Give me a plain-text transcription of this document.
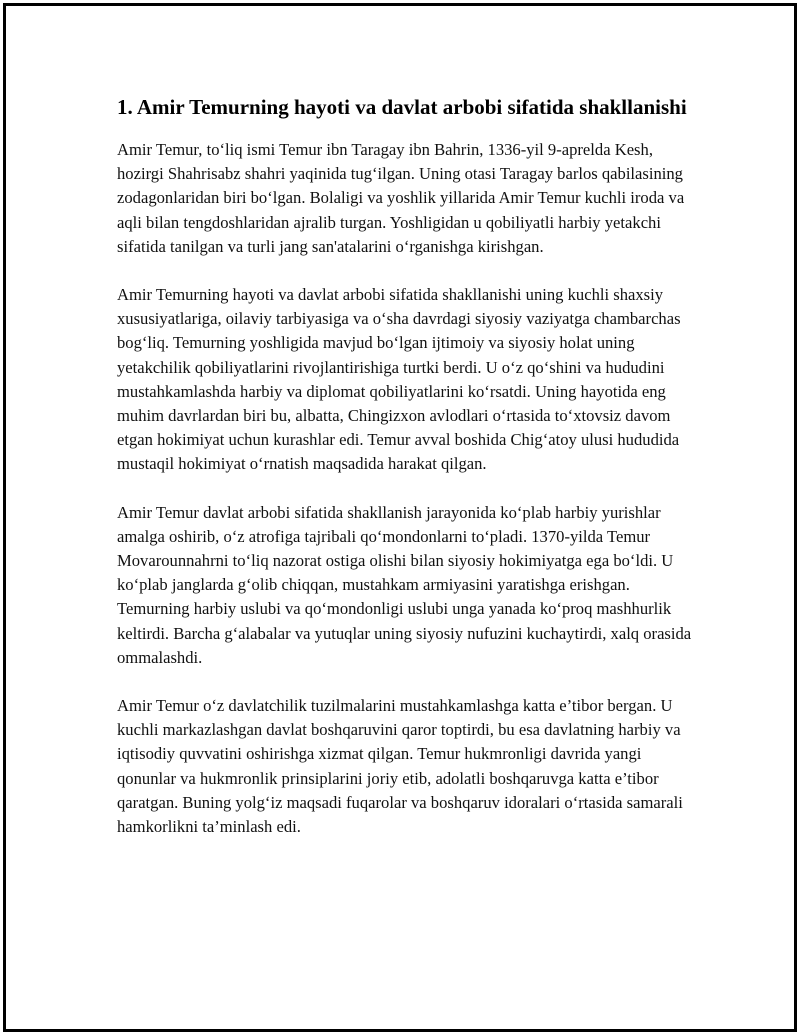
1. Amir Temurning hayoti va davlat arbobi sifatida shakllanishi

Amir Temur, to‘liq ismi Temur ibn Taragay ibn Bahrin, 1336-yil 9-aprelda Kesh, hozirgi Shahrisabz shahri yaqinida tug‘ilgan. Uning otasi Taragay barlos qabilasining zodagonlaridan biri bo‘lgan. Bolaligi va yoshlik yillarida Amir Temur kuchli iroda va aqli bilan tengdoshlaridan ajralib turgan. Yoshligidan u qobiliyatli harbiy yetakchi sifatida tanilgan va turli jang san'atalarini o‘rganishga kirishgan.

Amir Temurning hayoti va davlat arbobi sifatida shakllanishi uning kuchli shaxsiy xususiyatlariga, oilaviy tarbiyasiga va o‘sha davrdagi siyosiy vaziyatga chambarchas bog‘liq. Temurning yoshligida mavjud bo‘lgan ijtimoiy va siyosiy holat uning yetakchilik qobiliyatlarini rivojlantirishiga turtki berdi. U o‘z qo‘shini va hududini mustahkamlashda harbiy va diplomat qobiliyatlarini ko‘rsatdi. Uning hayotida eng muhim davrlardan biri bu, albatta, Chingizxon avlodlari o‘rtasida to‘xtovsiz davom etgan hokimiyat uchun kurashlar edi. Temur avval boshida Chig‘atoy ulusi hududida mustaqil hokimiyat o‘rnatish maqsadida harakat qilgan.

Amir Temur davlat arbobi sifatida shakllanish jarayonida ko‘plab harbiy yurishlar amalga oshirib, o‘z atrofiga tajribali qo‘mondonlarni to‘pladi. 1370-yilda Temur Movarounnahrni to‘liq nazorat ostiga olishi bilan siyosiy hokimiyatga ega bo‘ldi. U ko‘plab janglarda g‘olib chiqqan, mustahkam armiyasini yaratishga erishgan. Temurning harbiy uslubi va qo‘mondonligi uslubi unga yanada ko‘proq mashhurlik keltirdi. Barcha g‘alabalar va yutuqlar uning siyosiy nufuzini kuchaytirdi, xalq orasida ommalashdi.

Amir Temur o‘z davlatchilik tuzilmalarini mustahkamlashga katta e’tibor bergan. U kuchli markazlashgan davlat boshqaruvini qaror toptirdi, bu esa davlatning harbiy va iqtisodiy quvvatini oshirishga xizmat qilgan. Temur hukmronligi davrida yangi qonunlar va hukmronlik prinsiplarini joriy etib, adolatli boshqaruvga katta e’tibor qaratgan. Buning yolg‘iz maqsadi fuqarolar va boshqaruv idoralari o‘rtasida samarali hamkorlikni ta’minlash edi.
